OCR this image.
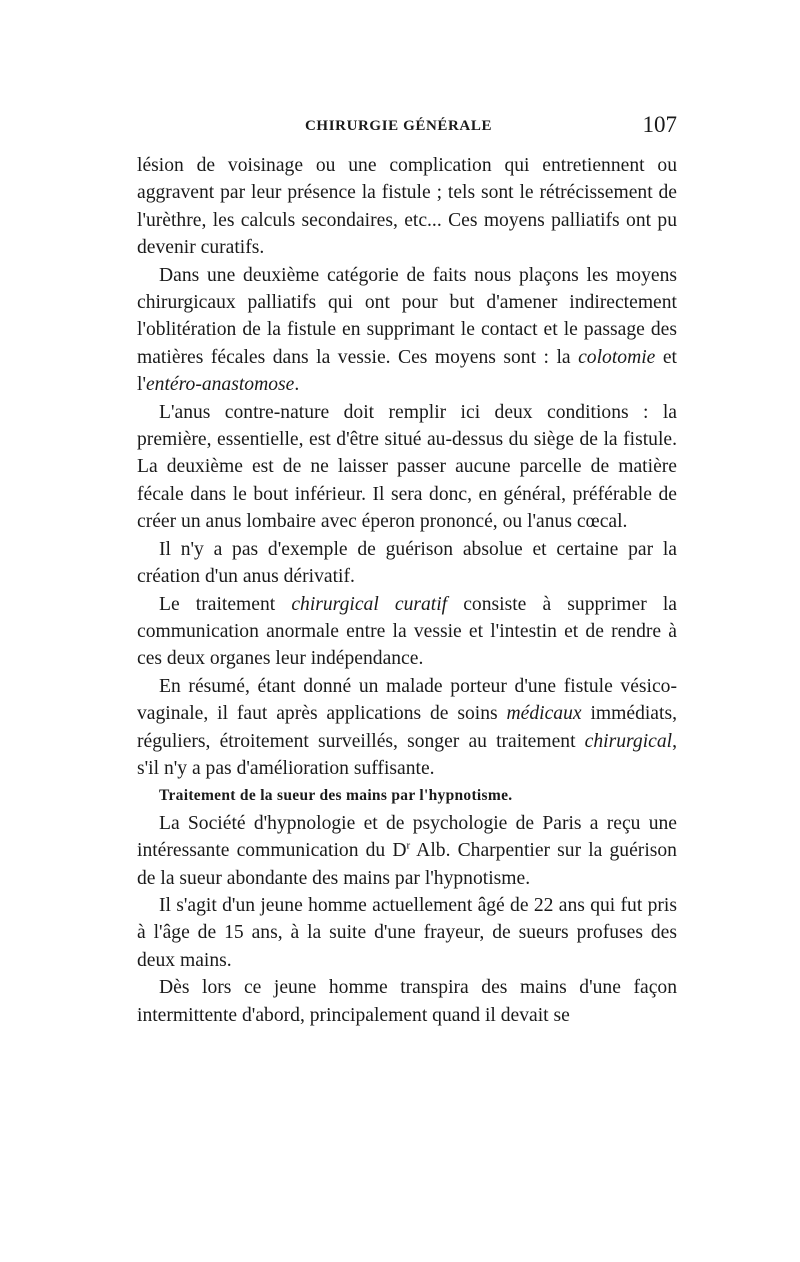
CHIRURGIE GÉNÉRALE	107

lésion de voisinage ou une complication qui entretiennent ou aggravent par leur présence la fistule ; tels sont le rétrécissement de l'urèthre, les calculs secondaires, etc... Ces moyens palliatifs ont pu devenir curatifs.

Dans une deuxième catégorie de faits nous plaçons les moyens chirurgicaux palliatifs qui ont pour but d'amener indirectement l'oblitération de la fistule en supprimant le contact et le passage des matières fécales dans la vessie. Ces moyens sont : la colotomie et l'entéro-anastomose.

L'anus contre-nature doit remplir ici deux conditions : la première, essentielle, est d'être situé au-dessus du siège de la fistule. La deuxième est de ne laisser passer aucune parcelle de matière fécale dans le bout inférieur. Il sera donc, en général, préférable de créer un anus lombaire avec éperon prononcé, ou l'anus cœcal.

Il n'y a pas d'exemple de guérison absolue et certaine par la création d'un anus dérivatif.

Le traitement chirurgical curatif consiste à supprimer la communication anormale entre la vessie et l'intestin et de rendre à ces deux organes leur indépendance.

En résumé, étant donné un malade porteur d'une fistule vésico-vaginale, il faut après applications de soins médicaux immédiats, réguliers, étroitement surveillés, songer au traitement chirurgical, s'il n'y a pas d'amélioration suffisante.

Traitement de la sueur des mains par l'hypnotisme.

La Société d'hypnologie et de psychologie de Paris a reçu une intéressante communication du $D^r$ Alb. Charpentier sur la guérison de la sueur abondante des mains par l'hypnotisme.

Il s'agit d'un jeune homme actuellement âgé de 22 ans qui fut pris à l'âge de 15 ans, à la suite d'une frayeur, de sueurs profuses des deux mains.

Dès lors ce jeune homme transpira des mains d'une façon intermittente d'abord, principalement quand il devait se
